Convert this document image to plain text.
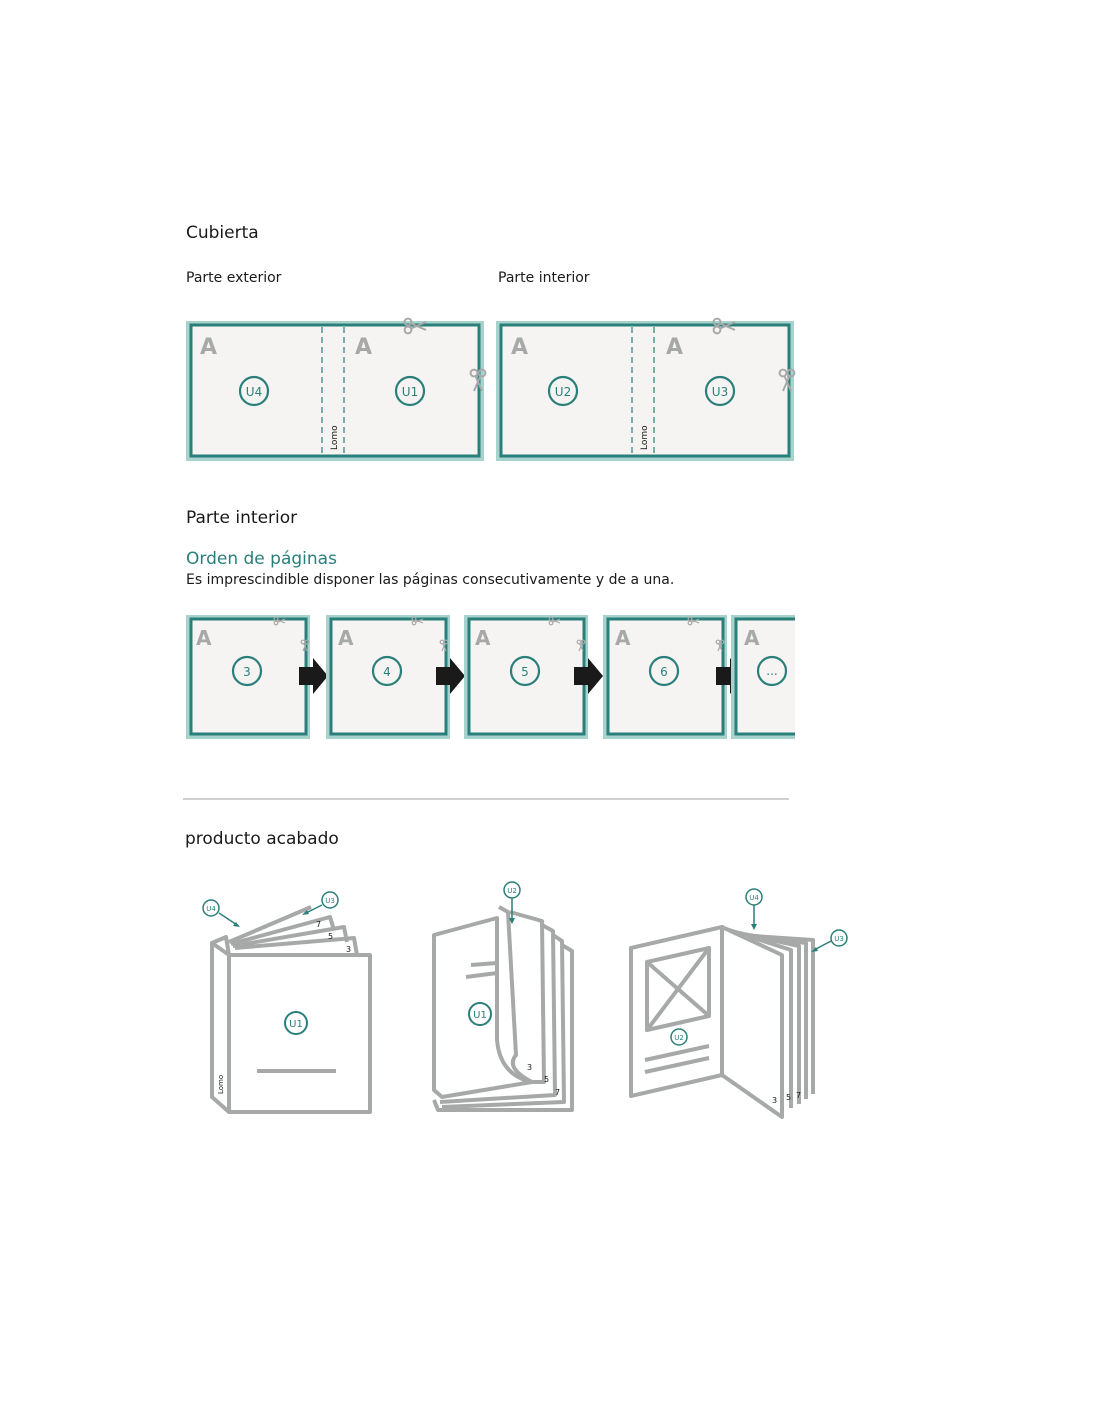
Cubierta
Parte exterior	Parte interior
A	A
U4	U1
Lomo
A	A
U2	U3
Lomo
A
3
A
4
A
5
A
6
A
...
U1
U4
U3
7
5
3
Lomo
U2
U1
3
5
7
U4
U3
U2
3 5 7
Parte interior
Orden de páginas
Es imprescindible disponer las páginas consecutivamente y de a una.
producto acabado
